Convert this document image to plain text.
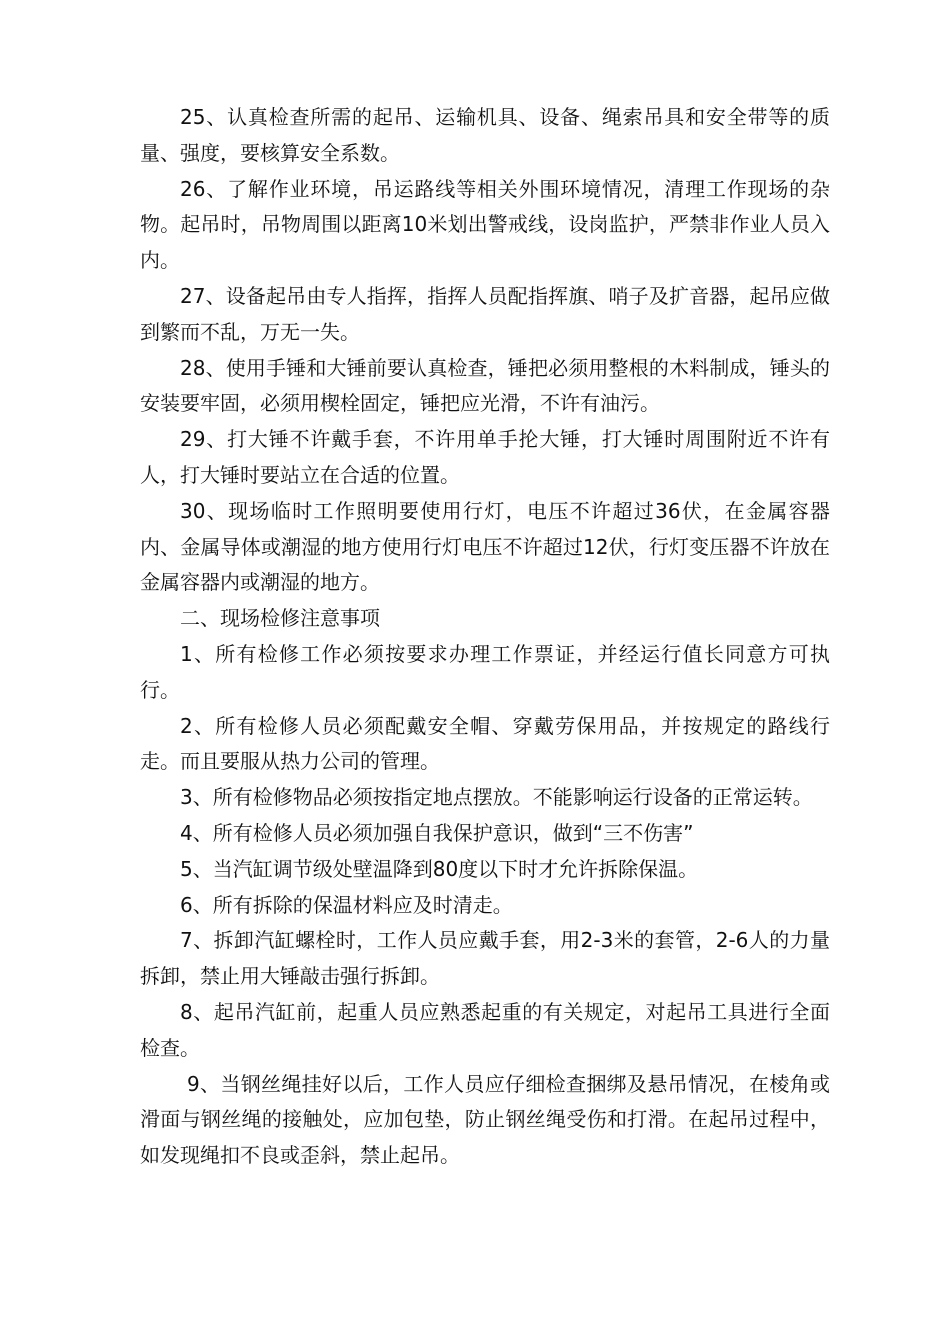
25、认真检查所需的起吊、运输机具、设备、绳索吊具和安全带等的质量、强度，要核算安全系数。

26、了解作业环境，吊运路线等相关外围环境情况，清理工作现场的杂物。起吊时，吊物周围以距离10米划出警戒线，设岗监护，严禁非作业人员入内。

27、设备起吊由专人指挥，指挥人员配指挥旗、哨子及扩音器，起吊应做到繁而不乱，万无一失。

28、使用手锤和大锤前要认真检查，锤把必须用整根的木料制成，锤头的安装要牢固，必须用楔栓固定，锤把应光滑，不许有油污。

29、打大锤不许戴手套，不许用单手抡大锤，打大锤时周围附近不许有人，打大锤时要站立在合适的位置。

30、现场临时工作照明要使用行灯，电压不许超过36伏，在金属容器内、金属导体或潮湿的地方使用行灯电压不许超过12伏，行灯变压器不许放在金属容器内或潮湿的地方。

二、现场检修注意事项

1、所有检修工作必须按要求办理工作票证，并经运行值长同意方可执行。

2、所有检修人员必须配戴安全帽、穿戴劳保用品，并按规定的路线行走。而且要服从热力公司的管理。

3、所有检修物品必须按指定地点摆放。不能影响运行设备的正常运转。

4、所有检修人员必须加强自我保护意识，做到“三不伤害”

5、当汽缸调节级处壁温降到80度以下时才允许拆除保温。

6、所有拆除的保温材料应及时清走。

7、拆卸汽缸螺栓时，工作人员应戴手套，用2-3米的套管，2-6人的力量拆卸，禁止用大锤敲击强行拆卸。

8、起吊汽缸前，起重人员应熟悉起重的有关规定，对起吊工具进行全面检查。

9、当钢丝绳挂好以后，工作人员应仔细检查捆绑及悬吊情况，在棱角或滑面与钢丝绳的接触处，应加包垫，防止钢丝绳受伤和打滑。在起吊过程中，如发现绳扣不良或歪斜，禁止起吊。
